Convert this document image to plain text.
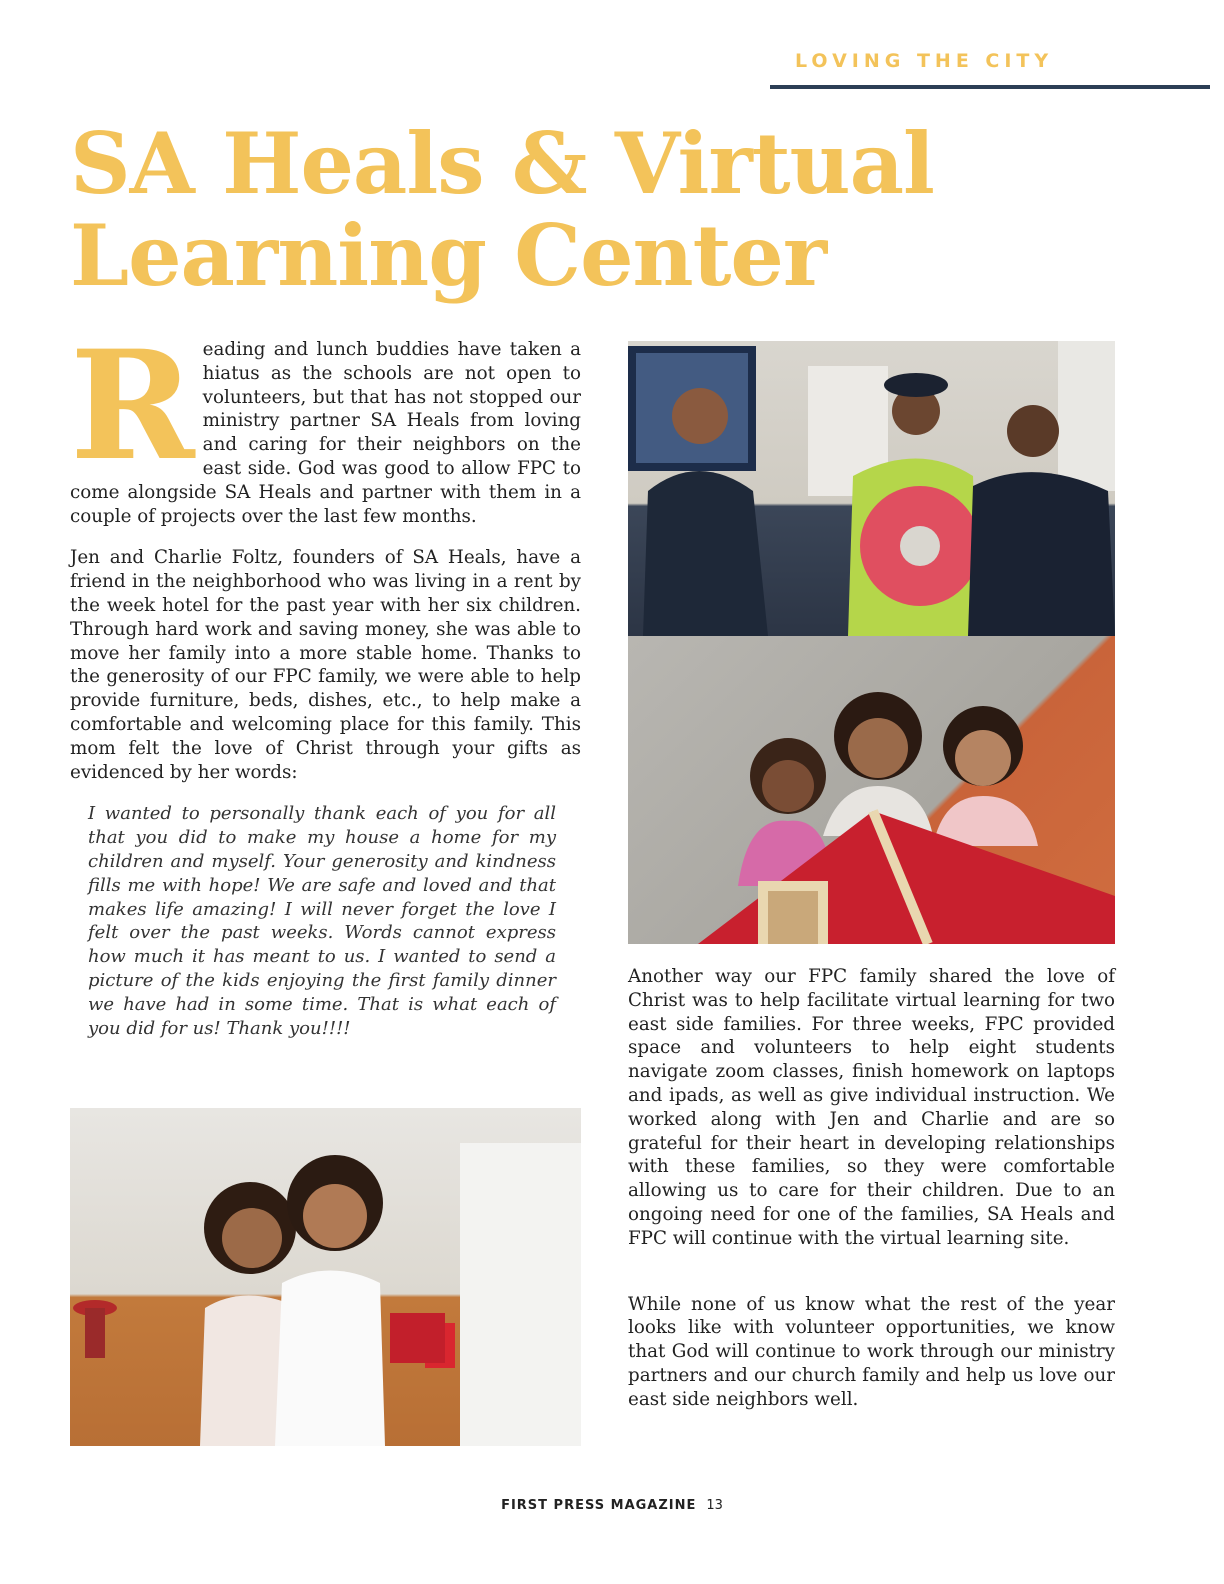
LOVING THE CITY
SA Heals & Virtual Learning Center

Reading and lunch buddies have taken a hiatus as the schools are not open to volunteers, but that has not stopped our ministry partner SA Heals from loving and caring for their neighbors on the east side. God was good to allow FPC to come alongside SA Heals and partner with them in a couple of projects over the last few months.

Jen and Charlie Foltz, founders of SA Heals, have a friend in the neighborhood who was living in a rent by the week hotel for the past year with her six children. Through hard work and saving money, she was able to move her family into a more stable home. Thanks to the generosity of our FPC family, we were able to help provide furniture, beds, dishes, etc., to help make a comfortable and welcoming place for this family. This mom felt the love of Christ through your gifts as evidenced by her words:

I wanted to personally thank each of you for all that you did to make my house a home for my children and myself. Your generosity and kindness fills me with hope! We are safe and loved and that makes life amazing! I will never forget the love I felt over the past weeks. Words cannot express how much it has meant to us. I wanted to send a picture of the kids enjoying the first family dinner we have had in some time. That is what each of you did for us! Thank you!!!!

Another way our FPC family shared the love of Christ was to help facilitate virtual learning for two east side families. For three weeks, FPC provided space and volunteers to help eight students navigate zoom classes, finish homework on laptops and ipads, as well as give individual instruction. We worked along with Jen and Charlie and are so grateful for their heart in developing relationships with these families, so they were comfortable allowing us to care for their children. Due to an ongoing need for one of the families, SA Heals and FPC will continue with the virtual learning site.

While none of us know what the rest of the year looks like with volunteer opportunities, we know that God will continue to work through our ministry partners and our church family and help us love our east side neighbors well.

FIRST PRESS MAGAZINE 13
